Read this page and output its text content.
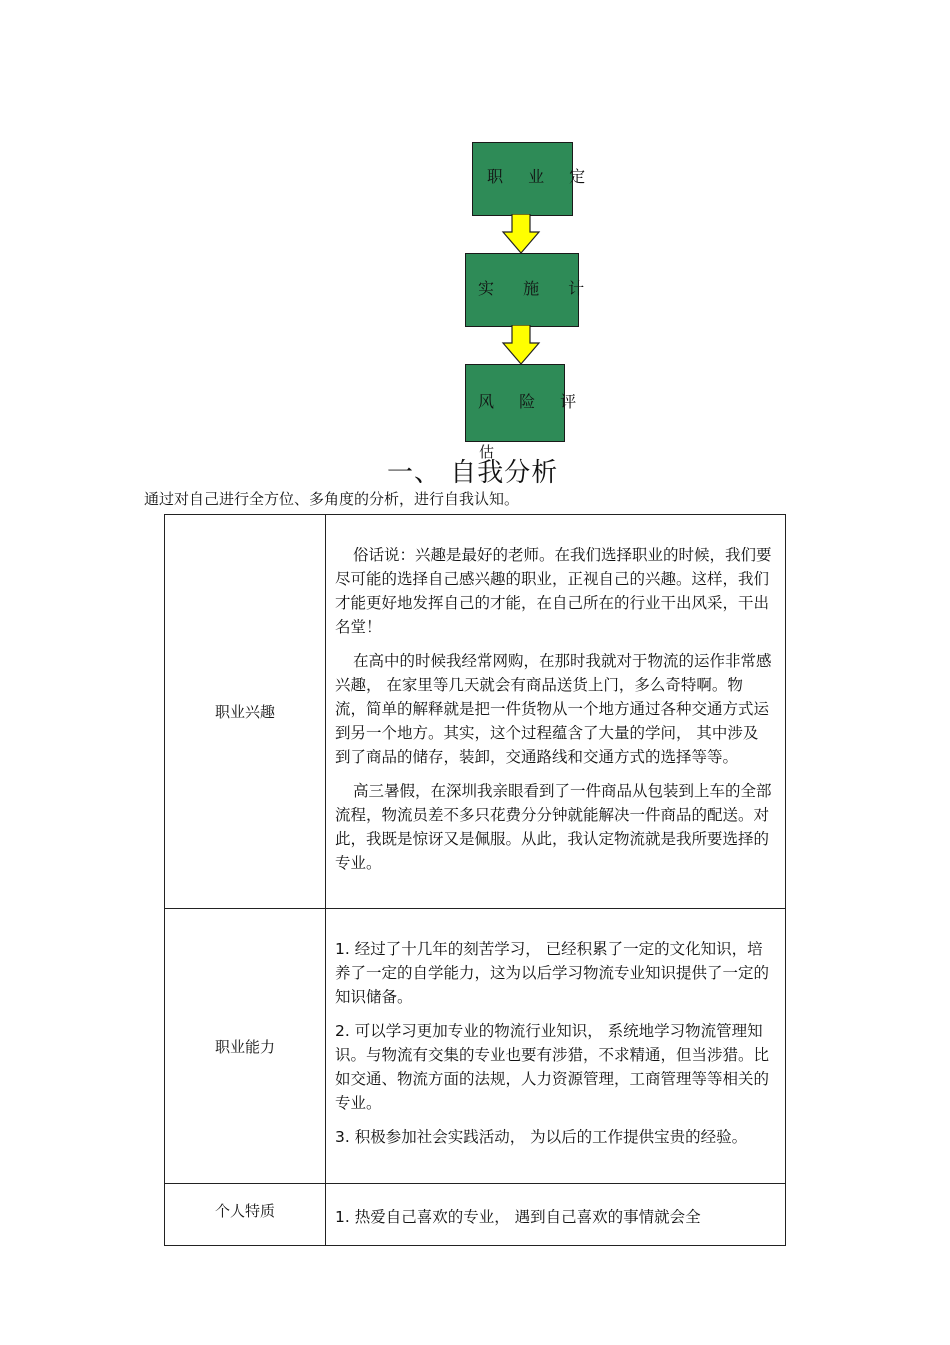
职 业 定
实 施 计
风 险 评
估
一、 自我分析
通过对自己进行全方位、多角度的分析，进行自我认知。
职业兴趣	俗话说：兴趣是最好的老师。在我们选择职业的时候，我们要尽可能的选择自己感兴趣的职业，正视自己的兴趣。这样，我们才能更好地发挥自己的才能，在自己所在的行业干出风采，干出名堂！

在高中的时候我经常网购，在那时我就对于物流的运作非常感兴趣， 在家里等几天就会有商品送货上门，多么奇特啊。物流，简单的解释就是把一件货物从一个地方通过各种交通方式运到另一个地方。其实，这个过程蕴含了大量的学问， 其中涉及到了商品的储存，装卸，交通路线和交通方式的选择等等。

高三暑假，在深圳我亲眼看到了一件商品从包装到上车的全部流程，物流员差不多只花费分分钟就能解决一件商品的配送。对此，我既是惊讶又是佩服。从此，我认定物流就是我所要选择的专业。

职业能力	1. 经过了十几年的刻苦学习， 已经积累了一定的文化知识，培养了一定的自学能力，这为以后学习物流专业知识提供了一定的知识储备。

2. 可以学习更加专业的物流行业知识， 系统地学习物流管理知识。与物流有交集的专业也要有涉猎，不求精通，但当涉猎。比如交通、物流方面的法规，人力资源管理，工商管理等等相关的专业。

3. 积极参加社会实践活动， 为以后的工作提供宝贵的经验。

个人特质	1. 热爱自己喜欢的专业， 遇到自己喜欢的事情就会全
